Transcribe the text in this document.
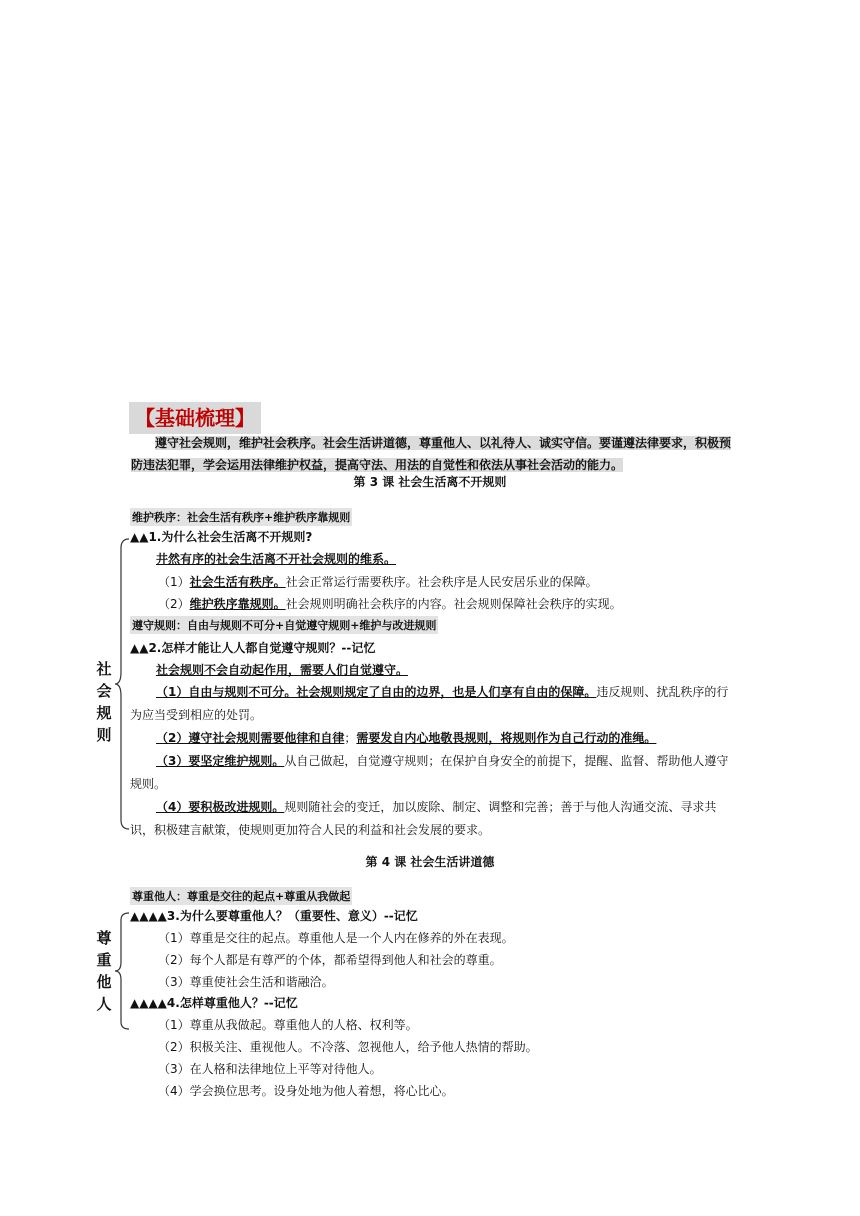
【基础梳理】
遵守社会规则，维护社会秩序。社会生活讲道德，尊重他人、以礼待人、诚实守信。要谨遵法律要求，积极预防违法犯罪，学会运用法律维护权益，提高守法、用法的自觉性和依法从事社会活动的能力。
第 3 课 社会生活离不开规则
维护秩序：社会生活有秩序+维护秩序靠规则
社
会
规
则
▲▲1.为什么社会生活离不开规则?
井然有序的社会生活离不开社会规则的维系。
（1）社会生活有秩序。社会正常运行需要秩序。社会秩序是人民安居乐业的保障。
（2）维护秩序靠规则。社会规则明确社会秩序的内容。社会规则保障社会秩序的实现。
遵守规则：自由与规则不可分+自觉遵守规则+维护与改进规则
▲▲2.怎样才能让人人都自觉遵守规则？--记忆
社会规则不会自动起作用，需要人们自觉遵守。
（1）自由与规则不可分。社会规则规定了自由的边界，也是人们享有自由的保障。违反规则、扰乱秩序的行为应当受到相应的处罚。
（2）遵守社会规则需要他律和自律；需要发自内心地敬畏规则，将规则作为自己行动的准绳。
（3）要坚定维护规则。从自己做起，自觉遵守规则；在保护自身安全的前提下，提醒、监督、帮助他人遵守规则。
（4）要积极改进规则。规则随社会的变迁，加以废除、制定、调整和完善；善于与他人沟通交流、寻求共识，积极建言献策，使规则更加符合人民的利益和社会发展的要求。
第 4 课 社会生活讲道德
尊重他人：尊重是交往的起点+尊重从我做起
尊
重
他
人
▲▲▲▲3.为什么要尊重他人？（重要性、意义）--记忆
（1）尊重是交往的起点。尊重他人是一个人内在修养的外在表现。
（2）每个人都是有尊严的个体，都希望得到他人和社会的尊重。
（3）尊重使社会生活和谐融洽。
▲▲▲▲4.怎样尊重他人？--记忆
（1）尊重从我做起。尊重他人的人格、权利等。
（2）积极关注、重视他人。不冷落、忽视他人，给予他人热情的帮助。
（3）在人格和法律地位上平等对待他人。
（4）学会换位思考。设身处地为他人着想，将心比心。
